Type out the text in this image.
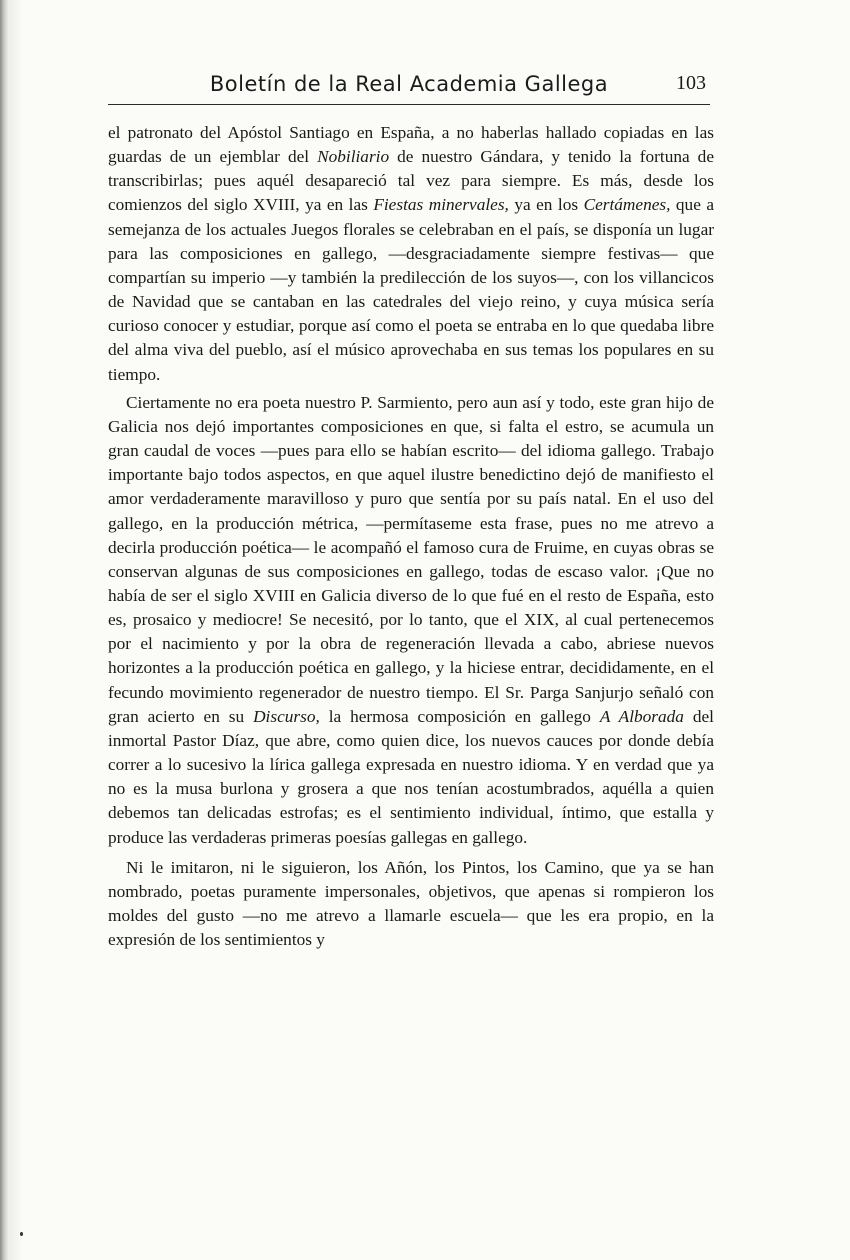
Boletín de la Real Academia Gallega	103

el patronato del Apóstol Santiago en España, a no haberlas hallado copiadas en las guardas de un ejemblar del Nobiliario de nuestro Gándara, y tenido la fortuna de transcribirlas; pues aquél desapareció tal vez para siempre. Es más, desde los comienzos del siglo XVIII, ya en las Fiestas minervales, ya en los Certámenes, que a semejanza de los actuales Juegos florales se celebraban en el país, se disponía un lugar para las composiciones en gallego, —desgraciadamente siempre festivas— que compartían su imperio —y también la predilección de los suyos—, con los villancicos de Navidad que se cantaban en las catedrales del viejo reino, y cuya música sería curioso conocer y estudiar, porque así como el poeta se entraba en lo que quedaba libre del alma viva del pueblo, así el músico aprovechaba en sus temas los populares en su tiempo.

Ciertamente no era poeta nuestro P. Sarmiento, pero aun así y todo, este gran hijo de Galicia nos dejó importantes composiciones en que, si falta el estro, se acumula un gran caudal de voces —pues para ello se habían escrito— del idioma gallego. Trabajo importante bajo todos aspectos, en que aquel ilustre benedictino dejó de manifiesto el amor verdaderamente maravilloso y puro que sentía por su país natal. En el uso del gallego, en la producción métrica, —permítaseme esta frase, pues no me atrevo a decirla producción poética— le acompañó el famoso cura de Fruime, en cuyas obras se conservan algunas de sus composiciones en gallego, todas de escaso valor. ¡Que no había de ser el siglo XVIII en Galicia diverso de lo que fué en el resto de España, esto es, prosaico y mediocre! Se necesitó, por lo tanto, que el XIX, al cual pertenecemos por el nacimiento y por la obra de regeneración llevada a cabo, abriese nuevos horizontes a la producción poética en gallego, y la hiciese entrar, decididamente, en el fecundo movimiento regenerador de nuestro tiempo. El Sr. Parga Sanjurjo señaló con gran acierto en su Discurso, la hermosa composición en gallego A Alborada del inmortal Pastor Díaz, que abre, como quien dice, los nuevos cauces por donde debía correr a lo sucesivo la lírica gallega expresada en nuestro idioma. Y en verdad que ya no es la musa burlona y grosera a que nos tenían acostumbrados, aquélla a quien debemos tan delicadas estrofas; es el sentimiento individual, íntimo, que estalla y produce las verdaderas primeras poesías gallegas en gallego.

Ni le imitaron, ni le siguieron, los Añón, los Pintos, los Camino, que ya se han nombrado, poetas puramente impersonales, objetivos, que apenas si rompieron los moldes del gusto —no me atrevo a llamarle escuela— que les era propio, en la expresión de los sentimientos y
